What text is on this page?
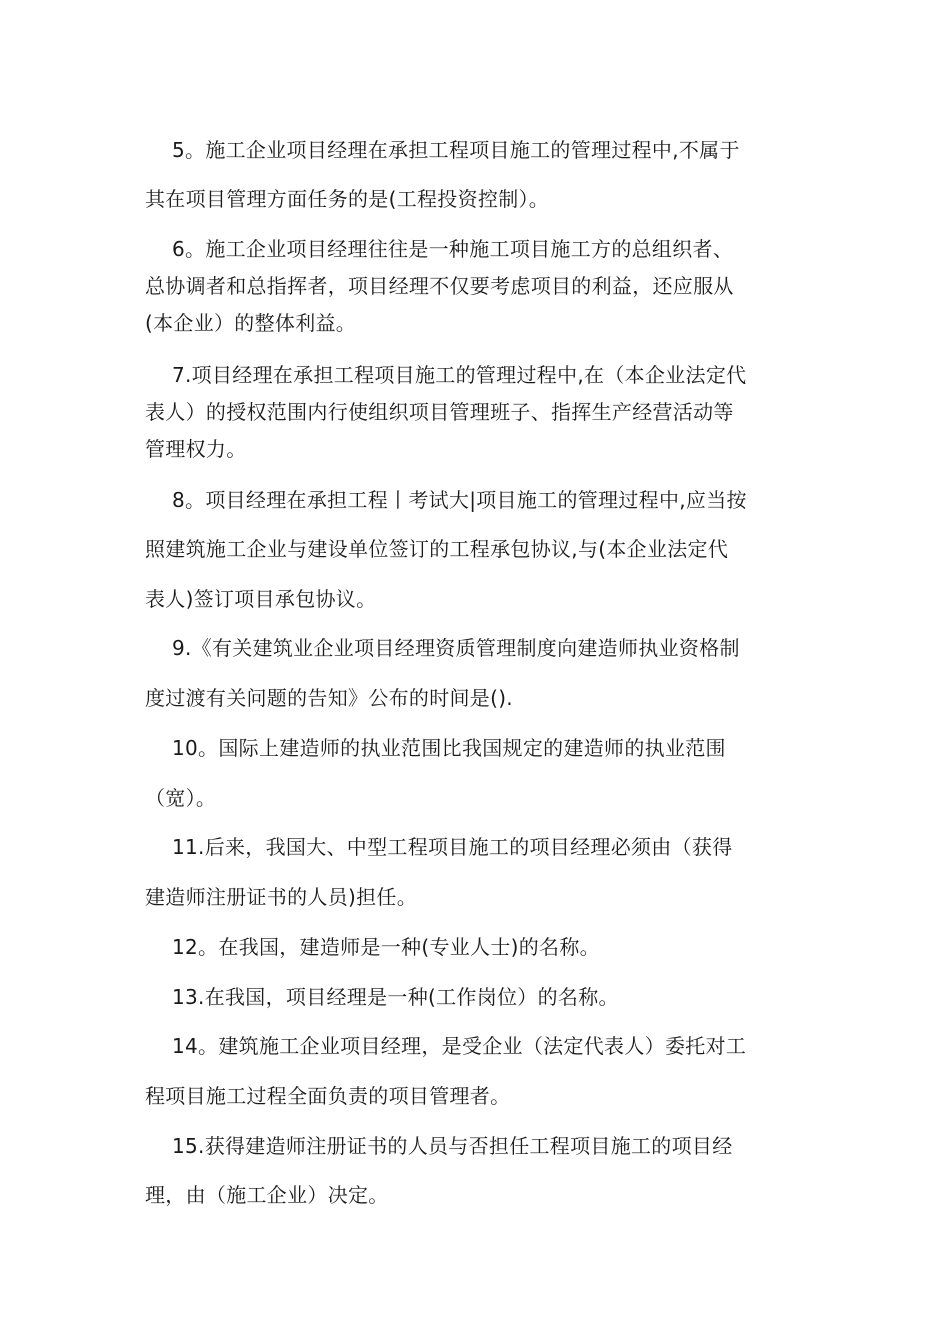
5。施工企业项目经理在承担工程项目施工的管理过程中,不属于

其在项目管理方面任务的是(工程投资控制）。

6。施工企业项目经理往往是一种施工项目施工方的总组织者、

总协调者和总指挥者，项目经理不仅要考虑项目的利益，还应服从

(本企业）的整体利益。

7.项目经理在承担工程项目施工的管理过程中,在（本企业法定代

表人）的授权范围内行使组织项目管理班子、指挥生产经营活动等

管理权力。

8。项目经理在承担工程丨考试大|项目施工的管理过程中,应当按

照建筑施工企业与建设单位签订的工程承包协议,与(本企业法定代

表人)签订项目承包协议。

9.《有关建筑业企业项目经理资质管理制度向建造师执业资格制

度过渡有关问题的告知》公布的时间是().

10。国际上建造师的执业范围比我国规定的建造师的执业范围

（宽）。

11.后来，我国大、中型工程项目施工的项目经理必须由（获得

建造师注册证书的人员)担任。

12。在我国，建造师是一种(专业人士)的名称。

13.在我国，项目经理是一种(工作岗位）的名称。

14。建筑施工企业项目经理，是受企业（法定代表人）委托对工

程项目施工过程全面负责的项目管理者。

15.获得建造师注册证书的人员与否担任工程项目施工的项目经

理，由（施工企业）决定。
